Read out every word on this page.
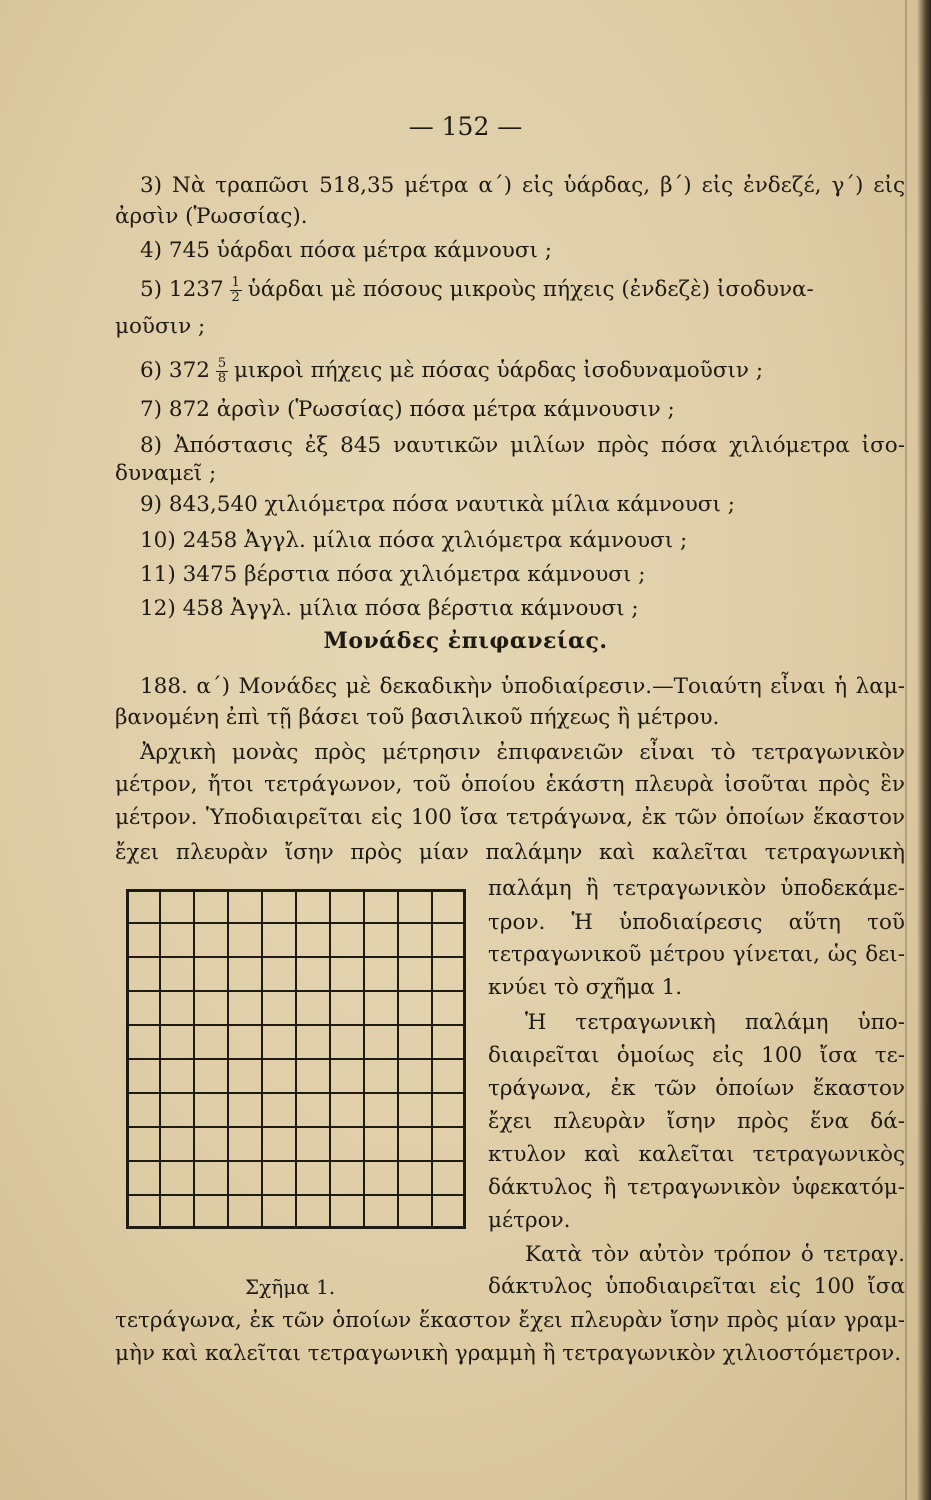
— 152 —
3) Νὰ τραπῶσι 518,35 μέτρα α΄) εἰς ὑάρδας, β΄) εἰς ἐνδεζέ, γ΄) εἰς
ἀρσὶν (Ῥωσσίας).
4) 745 ὑάρδαι πόσα μέτρα κάμνουσι ;
5) $1237 \frac{1}{2}$ ὑάρδαι μὲ πόσους μικροὺς πήχεις (ἐνδεζὲ) ἰσοδυνα-
μοῦσιν ;
6) $372 \frac{5}{8}$ μικροὶ πήχεις μὲ πόσας ὑάρδας ἰσοδυναμοῦσιν ;
7) 872 ἀρσὶν (Ῥωσσίας) πόσα μέτρα κάμνουσιν ;
8) Ἀπόστασις ἐξ 845 ναυτικῶν μιλίων πρὸς πόσα χιλιόμετρα ἰσο-
δυναμεῖ ;
9) 843,540 χιλιόμετρα πόσα ναυτικὰ μίλια κάμνουσι ;
10) 2458 Ἀγγλ. μίλια πόσα χιλιόμετρα κάμνουσι ;
11) 3475 βέρστια πόσα χιλιόμετρα κάμνουσι ;
12) 458 Ἀγγλ. μίλια πόσα βέρστια κάμνουσι ;
Μονάδες ἐπιφανείας.
188. α΄) Μονάδες μὲ δεκαδικὴν ὑποδιαίρεσιν.—Τοιαύτη εἶναι ἡ λαμ-
βανομένη ἐπὶ τῇ βάσει τοῦ βασιλικοῦ πήχεως ἢ μέτρου.
Ἀρχικὴ μονὰς πρὸς μέτρησιν ἐπιφανειῶν εἶναι τὸ τετραγωνικὸν
μέτρον, ἤτοι τετράγωνον, τοῦ ὁποίου ἑκάστη πλευρὰ ἰσοῦται πρὸς ἓν
μέτρον. Ὑποδιαιρεῖται εἰς 100 ἴσα τετράγωνα, ἐκ τῶν ὁποίων ἕκαστον
ἔχει πλευρὰν ἴσην πρὸς μίαν παλάμην καὶ καλεῖται τετραγωνικὴ
παλάμη ἢ τετραγωνικὸν ὑποδεκάμε-
τρον. Ἡ ὑποδιαίρεσις αὕτη τοῦ
τετραγωνικοῦ μέτρου γίνεται, ὡς δει-
κνύει τὸ σχῆμα 1.
Ἡ τετραγωνικὴ παλάμη ὑπο-
διαιρεῖται ὁμοίως εἰς 100 ἴσα τε-
τράγωνα, ἐκ τῶν ὁποίων ἕκαστον
ἔχει πλευρὰν ἴσην πρὸς ἕνα δά-
κτυλον καὶ καλεῖται τετραγωνικὸς
δάκτυλος ἢ τετραγωνικὸν ὑφεκατόμ-
μέτρον.
Κατὰ τὸν αὐτὸν τρόπον ὁ τετραγ.
δάκτυλος ὑποδιαιρεῖται εἰς 100 ἴσα
Σχῆμα 1.
τετράγωνα, ἐκ τῶν ὁποίων ἕκαστον ἔχει πλευρὰν ἴσην πρὸς μίαν γραμ-
μὴν καὶ καλεῖται τετραγωνικὴ γραμμὴ ἢ τετραγωνικὸν χιλιοστόμετρον.
